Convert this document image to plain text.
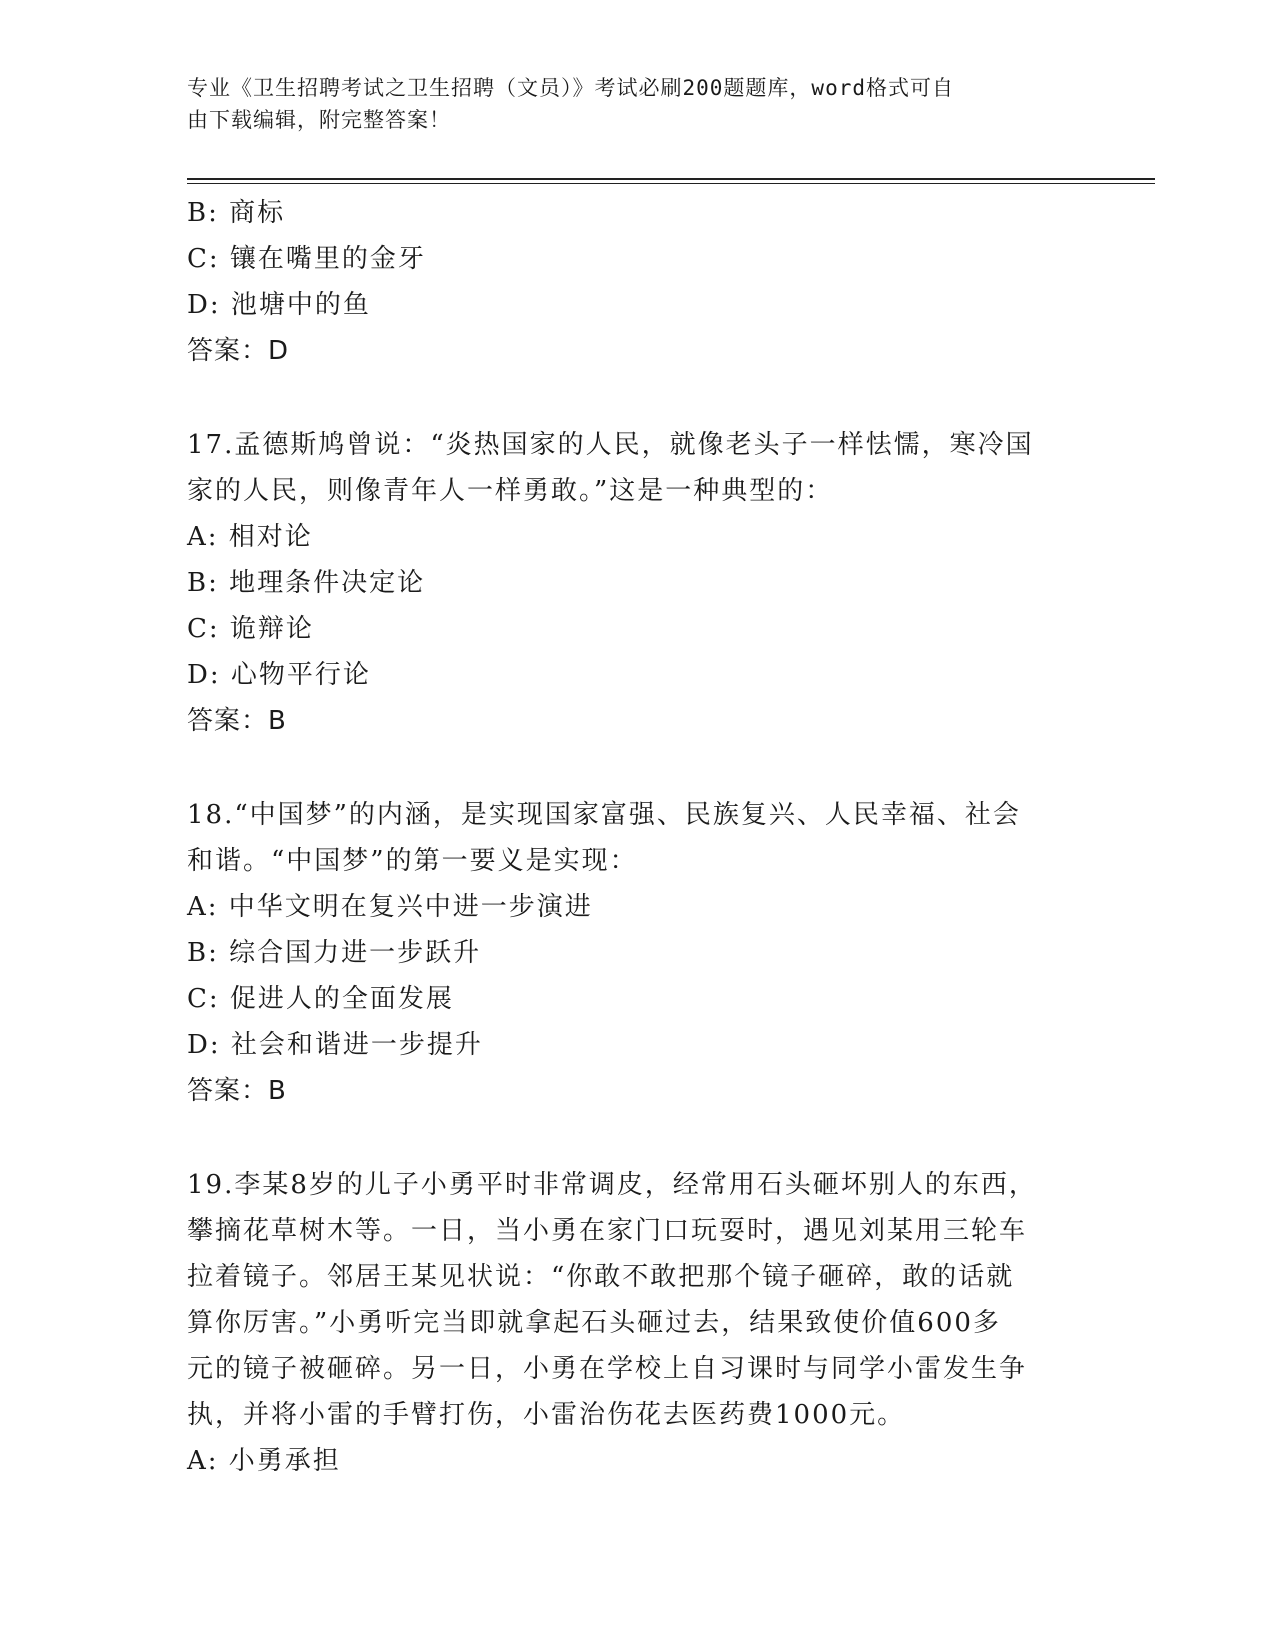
专业《卫生招聘考试之卫生招聘（文员）》考试必刷200题题库，word格式可自
由下载编辑，附完整答案！
B: 商标
C: 镶在嘴里的金牙
D: 池塘中的鱼
答案：D
17.孟德斯鸠曾说：“炎热国家的人民，就像老头子一样怯懦，寒冷国
家的人民，则像青年人一样勇敢。”这是一种典型的：
A: 相对论
B: 地理条件决定论
C: 诡辩论
D: 心物平行论
答案：B
18.“中国梦”的内涵，是实现国家富强、民族复兴、人民幸福、社会
和谐。“中国梦”的第一要义是实现：
A: 中华文明在复兴中进一步演进
B: 综合国力进一步跃升
C: 促进人的全面发展
D: 社会和谐进一步提升
答案：B
19.李某8岁的儿子小勇平时非常调皮，经常用石头砸坏别人的东西，
攀摘花草树木等。一日，当小勇在家门口玩耍时，遇见刘某用三轮车
拉着镜子。邻居王某见状说：“你敢不敢把那个镜子砸碎，敢的话就
算你厉害。”小勇听完当即就拿起石头砸过去，结果致使价值600多
元的镜子被砸碎。另一日，小勇在学校上自习课时与同学小雷发生争
执，并将小雷的手臂打伤，小雷治伤花去医药费1000元。
A: 小勇承担
